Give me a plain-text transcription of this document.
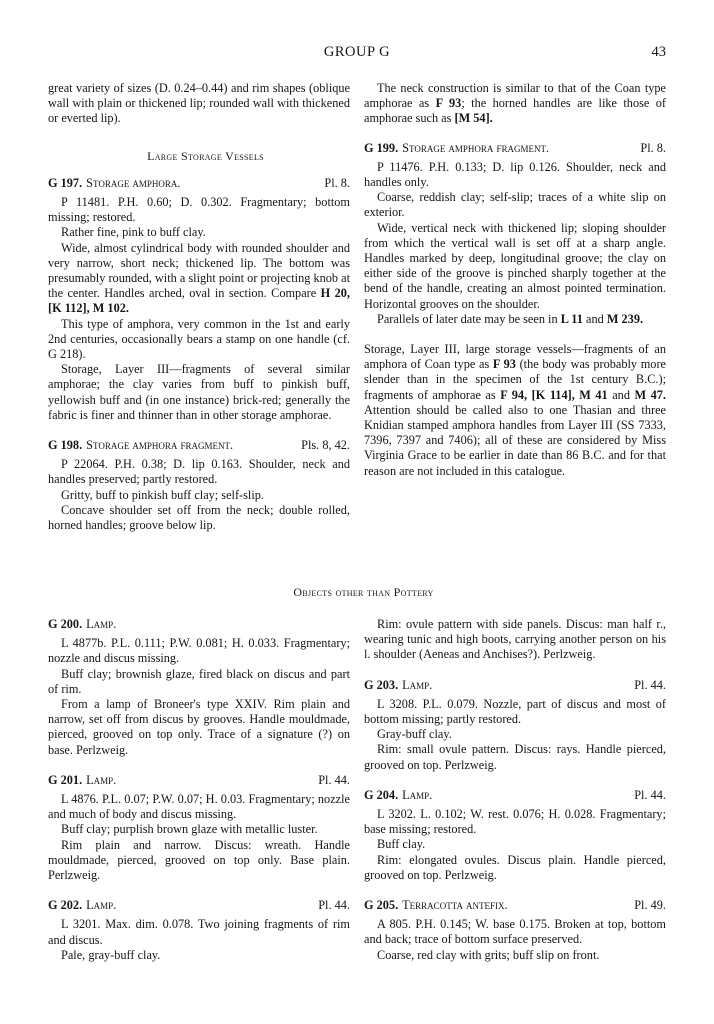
GROUP G	43

great variety of sizes (D. 0.24–0.44) and rim shapes (oblique wall with plain or thickened lip; rounded wall with thickened or everted lip).

Large Storage Vessels

G 197. Storage amphora.	Pl. 8.

P 11481. P.H. 0.60; D. 0.302. Fragmentary; bottom missing; restored.

Rather fine, pink to buff clay.

Wide, almost cylindrical body with rounded shoulder and very narrow, short neck; thickened lip. The bottom was presumably rounded, with a slight point or projecting knob at the center. Handles arched, oval in section. Compare H 20, [K 112], M 102.

This type of amphora, very common in the 1st and early 2nd centuries, occasionally bears a stamp on one handle (cf. G 218).

Storage, Layer III—fragments of several similar amphorae; the clay varies from buff to pinkish buff, yellowish buff and (in one instance) brick-red; generally the fabric is finer and thinner than in other storage amphorae.

G 198. Storage amphora fragment.	Pls. 8, 42.

P 22064. P.H. 0.38; D. lip 0.163. Shoulder, neck and handles preserved; partly restored.

Gritty, buff to pinkish buff clay; self-slip.

Concave shoulder set off from the neck; double rolled, horned handles; groove below lip.

The neck construction is similar to that of the Coan type amphorae as F 93; the horned handles are like those of amphorae such as [M 54].

G 199. Storage amphora fragment.	Pl. 8.

P 11476. P.H. 0.133; D. lip 0.126. Shoulder, neck and handles only.

Coarse, reddish clay; self-slip; traces of a white slip on exterior.

Wide, vertical neck with thickened lip; sloping shoulder from which the vertical wall is set off at a sharp angle. Handles marked by deep, longitudinal groove; the clay on either side of the groove is pinched sharply together at the bend of the handle, creating an almost pointed termination. Horizontal grooves on the shoulder.

Parallels of later date may be seen in L 11 and M 239.

Storage, Layer III, large storage vessels—fragments of an amphora of Coan type as F 93 (the body was probably more slender than in the specimen of the 1st century B.C.); fragments of amphorae as F 94, [K 114], M 41 and M 47. Attention should be called also to one Thasian and three Knidian stamped amphora handles from Layer III (SS 7333, 7396, 7397 and 7406); all of these are considered by Miss Virginia Grace to be earlier in date than 86 B.C. and for that reason are not included in this catalogue.

Objects other than Pottery

G 200. Lamp.

L 4877b. P.L. 0.111; P.W. 0.081; H. 0.033. Fragmentary; nozzle and discus missing.

Buff clay; brownish glaze, fired black on discus and part of rim.

From a lamp of Broneer's type XXIV. Rim plain and narrow, set off from discus by grooves. Handle mouldmade, pierced, grooved on top only. Trace of a signature (?) on base. Perlzweig.

G 201. Lamp.	Pl. 44.

L 4876. P.L. 0.07; P.W. 0.07; H. 0.03. Fragmentary; nozzle and much of body and discus missing.

Buff clay; purplish brown glaze with metallic luster.

Rim plain and narrow. Discus: wreath. Handle mouldmade, pierced, grooved on top only. Base plain. Perlzweig.

G 202. Lamp.	Pl. 44.

L 3201. Max. dim. 0.078. Two joining fragments of rim and discus.

Pale, gray-buff clay.

Rim: ovule pattern with side panels. Discus: man half r., wearing tunic and high boots, carrying another person on his l. shoulder (Aeneas and Anchises?). Perlzweig.

G 203. Lamp.	Pl. 44.

L 3208. P.L. 0.079. Nozzle, part of discus and most of bottom missing; partly restored.

Gray-buff clay.

Rim: small ovule pattern. Discus: rays. Handle pierced, grooved on top. Perlzweig.

G 204. Lamp.	Pl. 44.

L 3202. L. 0.102; W. rest. 0.076; H. 0.028. Fragmentary; base missing; restored.

Buff clay.

Rim: elongated ovules. Discus plain. Handle pierced, grooved on top. Perlzweig.

G 205. Terracotta antefix.	Pl. 49.

A 805. P.H. 0.145; W. base 0.175. Broken at top, bottom and back; trace of bottom surface preserved.

Coarse, red clay with grits; buff slip on front.
